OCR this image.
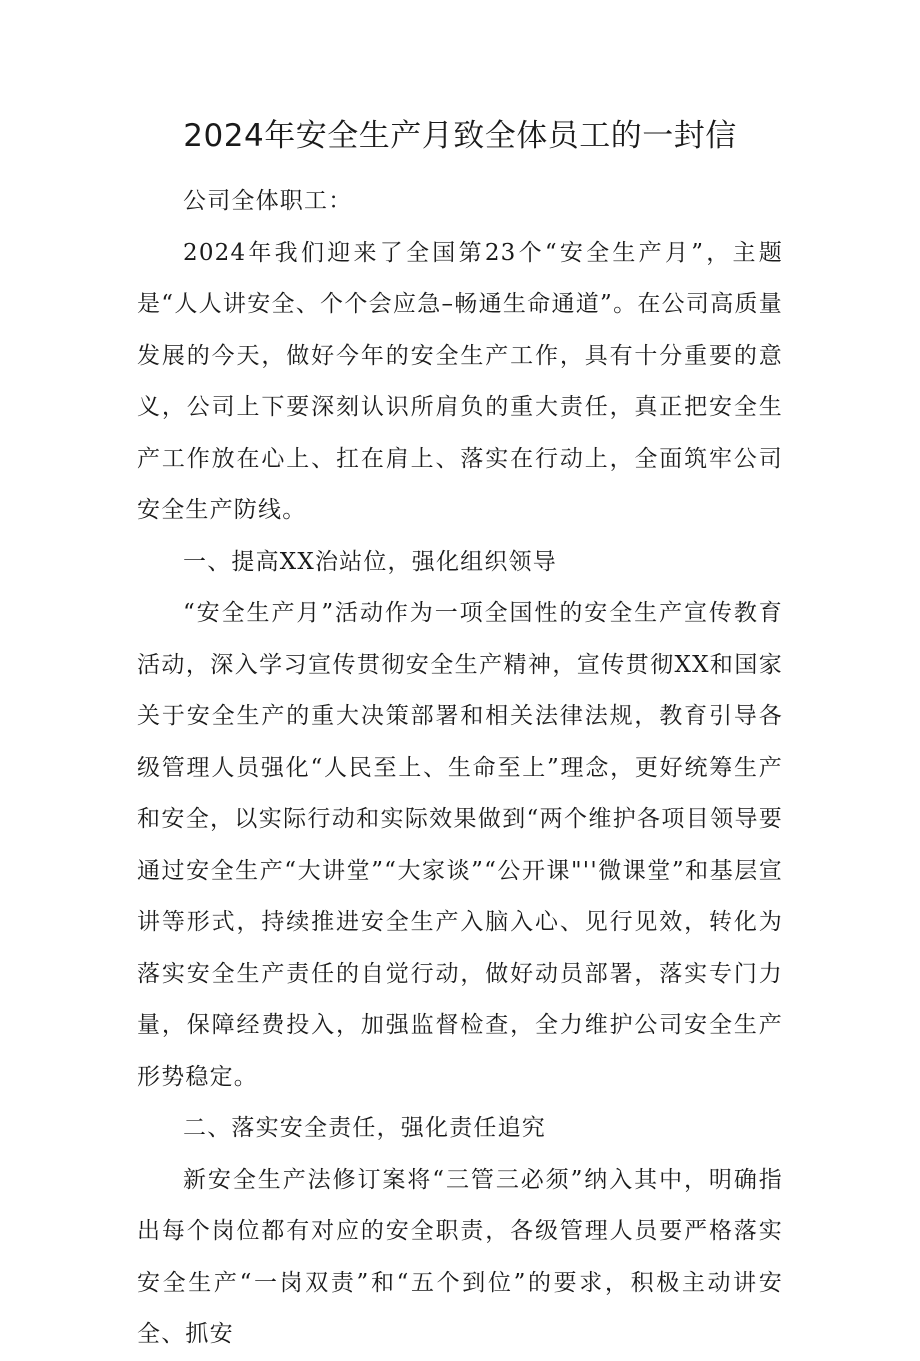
2024年安全生产月致全体员工的一封信

公司全体职工：

2024年我们迎来了全国第23个“安全生产月”，主题是“人人讲安全、个个会应急–畅通生命通道”。在公司高质量发展的今天，做好今年的安全生产工作，具有十分重要的意义，公司上下要深刻认识所肩负的重大责任，真正把安全生产工作放在心上、扛在肩上、落实在行动上，全面筑牢公司安全生产防线。

一、提高XX治站位，强化组织领导

“安全生产月”活动作为一项全国性的安全生产宣传教育活动，深入学习宣传贯彻安全生产精神，宣传贯彻XX和国家关于安全生产的重大决策部署和相关法律法规，教育引导各级管理人员强化“人民至上、生命至上”理念，更好统筹生产和安全，以实际行动和实际效果做到“两个维护各项目领导要通过安全生产“大讲堂”“大家谈”“公开课"''微课堂”和基层宣讲等形式，持续推进安全生产入脑入心、见行见效，转化为落实安全生产责任的自觉行动，做好动员部署，落实专门力量，保障经费投入，加强监督检查，全力维护公司安全生产形势稳定。

二、落实安全责任，强化责任追究

新安全生产法修订案将“三管三必须”纳入其中，明确指出每个岗位都有对应的安全职责，各级管理人员要严格落实安全生产“一岗双责”和“五个到位”的要求，积极主动讲安全、抓安
